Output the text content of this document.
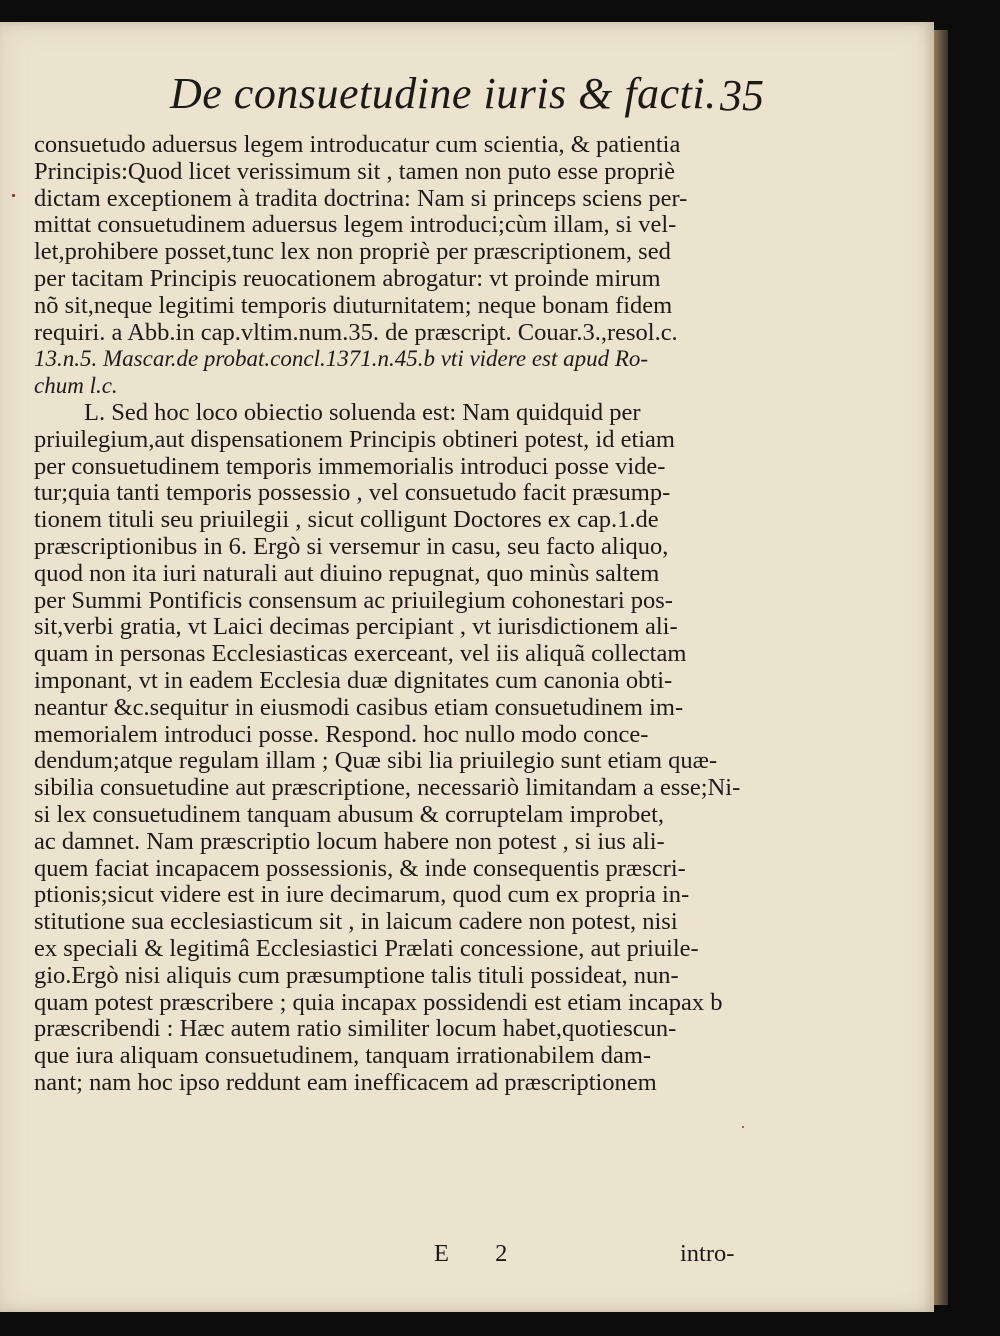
De consuetudine iuris & facti. 35
consuetudo aduersus legem introducatur cum scientia, & patientia
Principis:Quod licet verissimum sit , tamen non puto esse propriè
dictam exceptionem à tradita doctrina: Nam si princeps sciens per-
mittat consuetudinem aduersus legem introduci;cùm illam, si vel-
let,prohibere posset,tunc lex non propriè per præscriptionem, sed
per tacitam Principis reuocationem abrogatur: vt proinde mirum
nõ sit,neque legitimi temporis diuturnitatem; neque bonam fidem
requiri. a Abb.in cap.vltim.num.35. de præscript. Couar.3.,resol.c.
13.n.5. Mascar.de probat.concl.1371.n.45.b vti videre est apud Ro-
chum l.c.
L. Sed hoc loco obiectio soluenda est: Nam quidquid per
priuilegium,aut dispensationem Principis obtineri potest, id etiam
per consuetudinem temporis immemorialis introduci posse vide-
tur;quia tanti temporis possessio , vel consuetudo facit præsump-
tionem tituli seu priuilegii , sicut colligunt Doctores ex cap.1.de
præscriptionibus in 6. Ergò si versemur in casu, seu facto aliquo,
quod non ita iuri naturali aut diuino repugnat, quo minùs saltem
per Summi Pontificis consensum ac priuilegium cohonestari pos-
sit,verbi gratia, vt Laici decimas percipiant , vt iurisdictionem ali-
quam in personas Ecclesiasticas exerceant, vel iis aliquã collectam
imponant, vt in eadem Ecclesia duæ dignitates cum canonia obti-
neantur &c.sequitur in eiusmodi casibus etiam consuetudinem im-
memorialem introduci posse. Respond. hoc nullo modo conce-
dendum;atque regulam illam ; Quæ sibi lia priuilegio sunt etiam quæ-
sibilia consuetudine aut præscriptione, necessariò limitandam a esse;Ni-
si lex consuetudinem tanquam abusum & corruptelam improbet,
ac damnet. Nam præscriptio locum habere non potest , si ius ali-
quem faciat incapacem possessionis, & inde consequentis præscri-
ptionis;sicut videre est in iure decimarum, quod cum ex propria in-
stitutione sua ecclesiasticum sit , in laicum cadere non potest, nisi
ex speciali & legitimâ Ecclesiastici Prælati concessione, aut priuile-
gio.Ergò nisi aliquis cum præsumptione talis tituli possideat, nun-
quam potest præscribere ; quia incapax possidendi est etiam incapax b
præscribendi : Hæc autem ratio similiter locum habet,quotiescun-
que iura aliquam consuetudinem, tanquam irrationabilem dam-
nant; nam hoc ipso reddunt eam inefficacem ad præscriptionem
E 2	intro-
